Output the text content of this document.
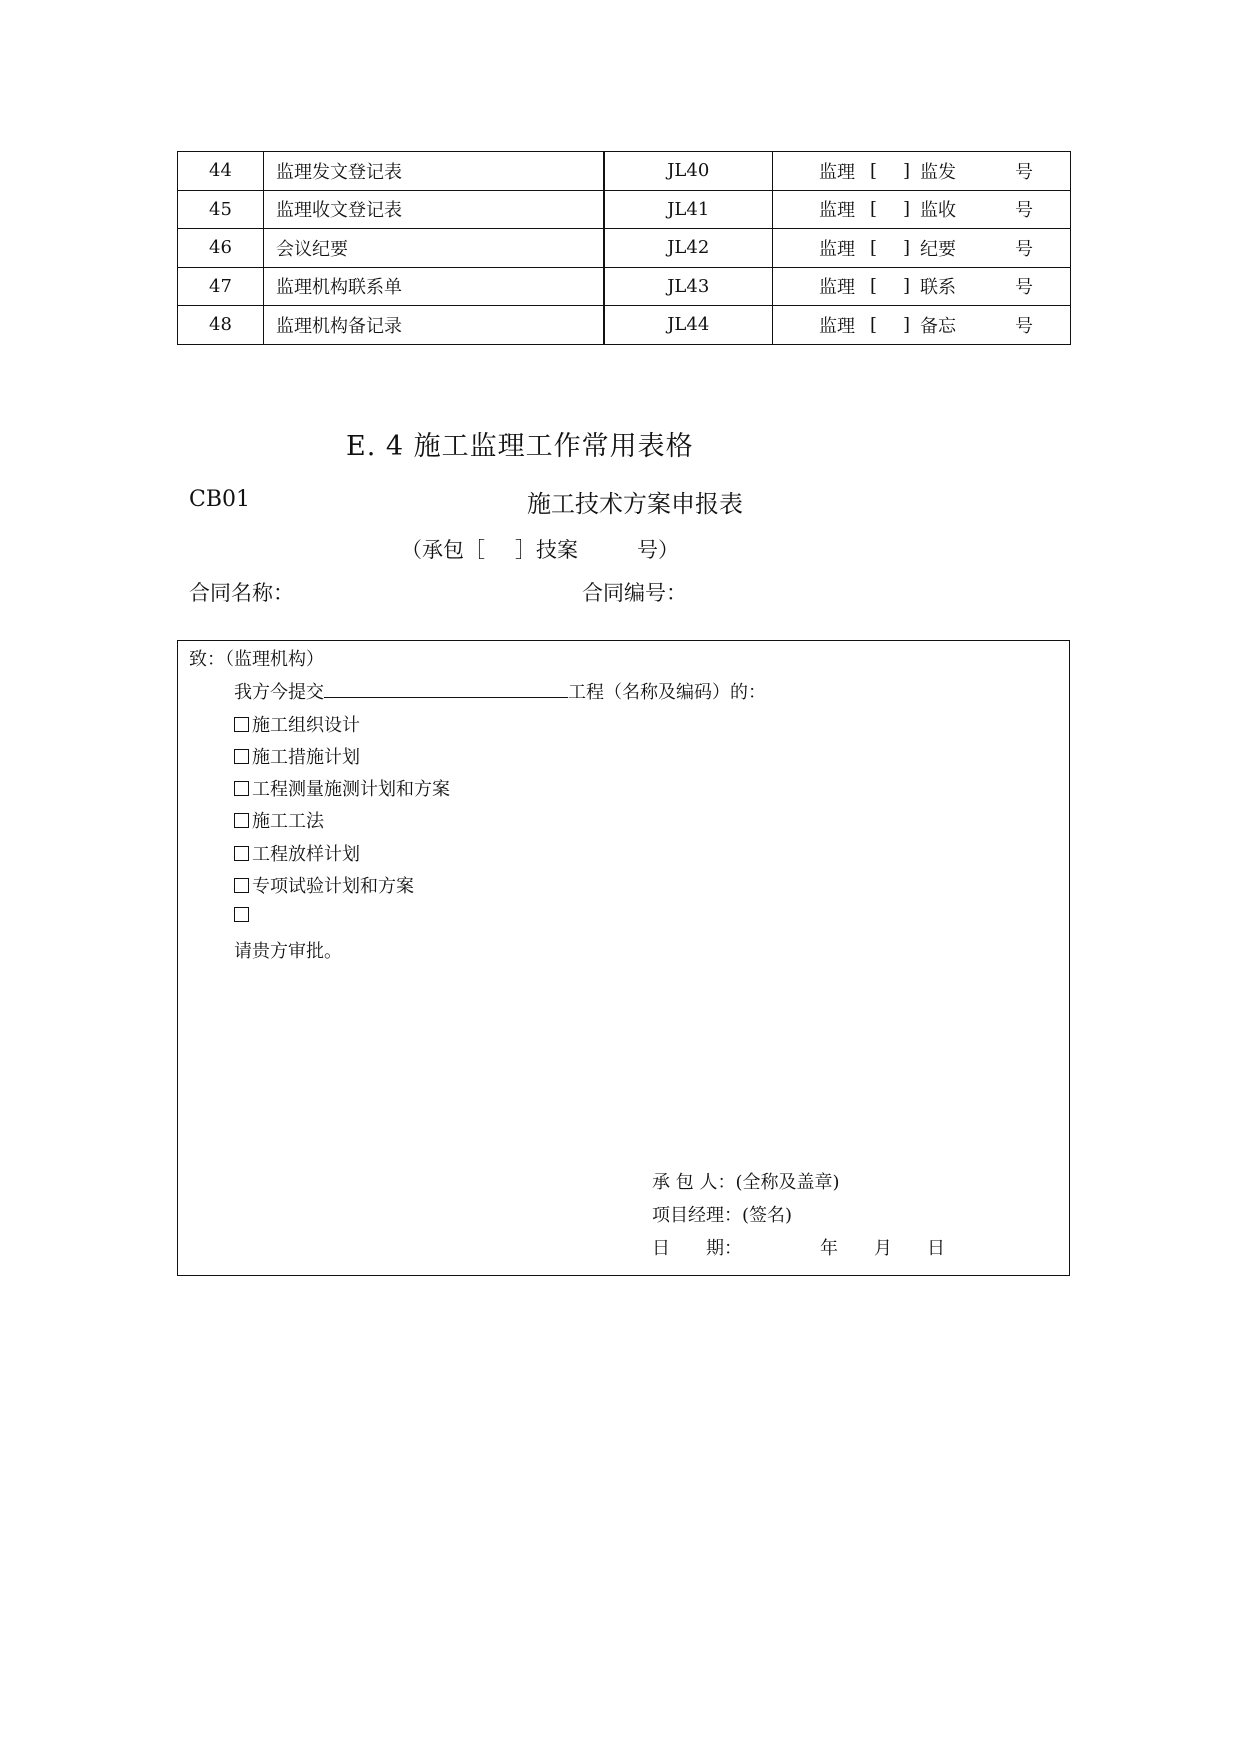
44	监理发文登记表	JL40	监理 [ ] 监发 号

45	监理收文登记表	JL41	监理 [ ] 监收 号

46	会议纪要	JL42	监理 [ ] 纪要 号

47	监理机构联系单	JL43	监理 [ ] 联系 号

48	监理机构备记录	JL44	监理 [ ] 备忘 号
E. 4 施工监理工作常用表格
CB01	施工技术方案申报表
（承包［ ］技案	号）
合同名称：	合同编号：
致：（监理机构）
我方今提交	工程（名称及编码）的：
施工组织设计
施工措施计划
工程测量施测计划和方案
施工工法
工程放样计划
专项试验计划和方案
请贵方审批。
承 包 人：(全称及盖章)
项目经理：(签名)
日　　期：	年 月 日
